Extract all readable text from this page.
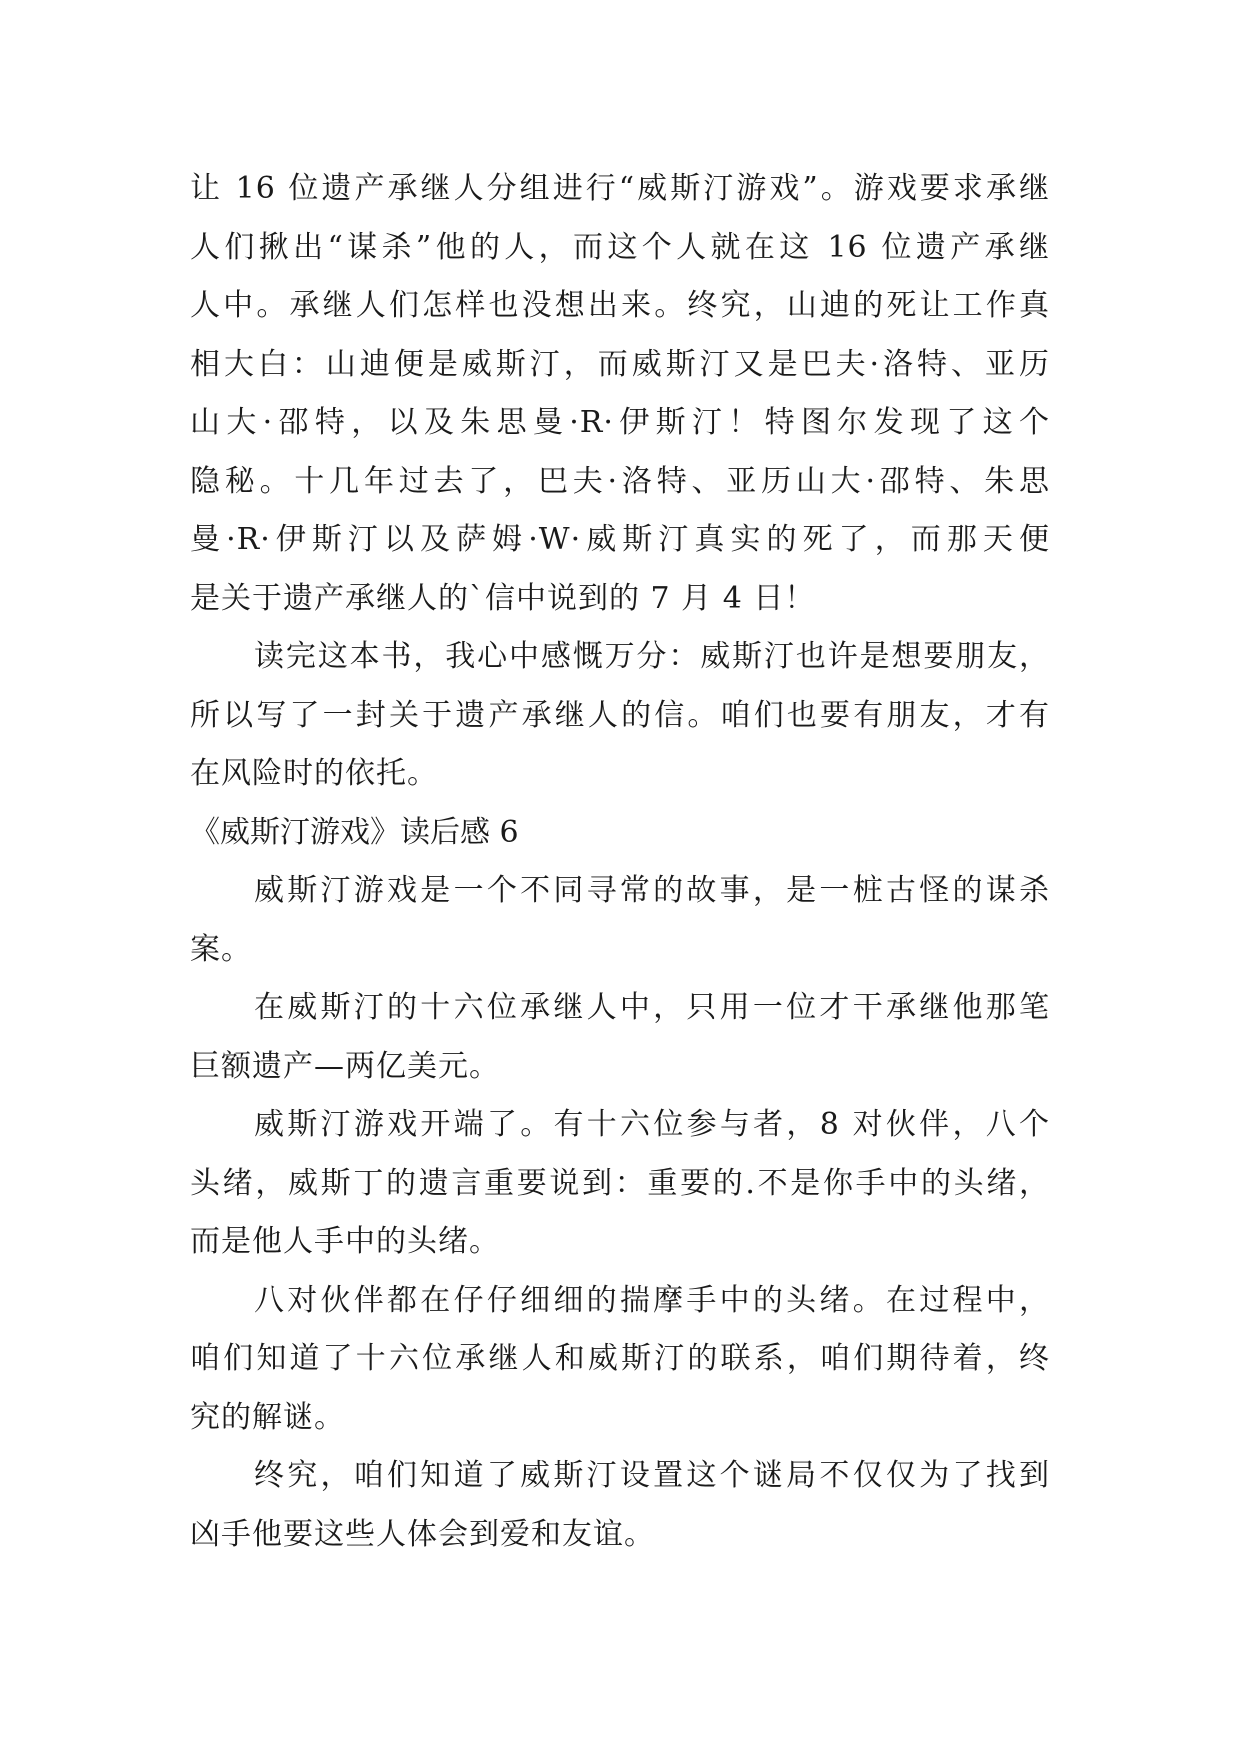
让 16 位遗产承继人分组进行“威斯汀游戏”。游戏要求承继
人们揪出“谋杀”他的人，而这个人就在这 16 位遗产承继
人中。承继人们怎样也没想出来。终究，山迪的死让工作真
相大白：山迪便是威斯汀，而威斯汀又是巴夫·洛特、亚历
山大·邵特，以及朱思曼·R·伊斯汀！特图尔发现了这个
隐秘。十几年过去了，巴夫·洛特、亚历山大·邵特、朱思
曼·R·伊斯汀以及萨姆·W·威斯汀真实的死了，而那天便
是关于遗产承继人的`信中说到的 7 月 4 日！
读完这本书，我心中感慨万分：威斯汀也许是想要朋友，
所以写了一封关于遗产承继人的信。咱们也要有朋友，才有
在风险时的依托。
《威斯汀游戏》读后感 6
威斯汀游戏是一个不同寻常的故事，是一桩古怪的谋杀
案。
在威斯汀的十六位承继人中，只用一位才干承继他那笔
巨额遗产—两亿美元。
威斯汀游戏开端了。有十六位参与者，8 对伙伴，八个
头绪，威斯丁的遗言重要说到：重要的.不是你手中的头绪，
而是他人手中的头绪。
八对伙伴都在仔仔细细的揣摩手中的头绪。在过程中，
咱们知道了十六位承继人和威斯汀的联系，咱们期待着，终
究的解谜。
终究，咱们知道了威斯汀设置这个谜局不仅仅为了找到
凶手他要这些人体会到爱和友谊。
